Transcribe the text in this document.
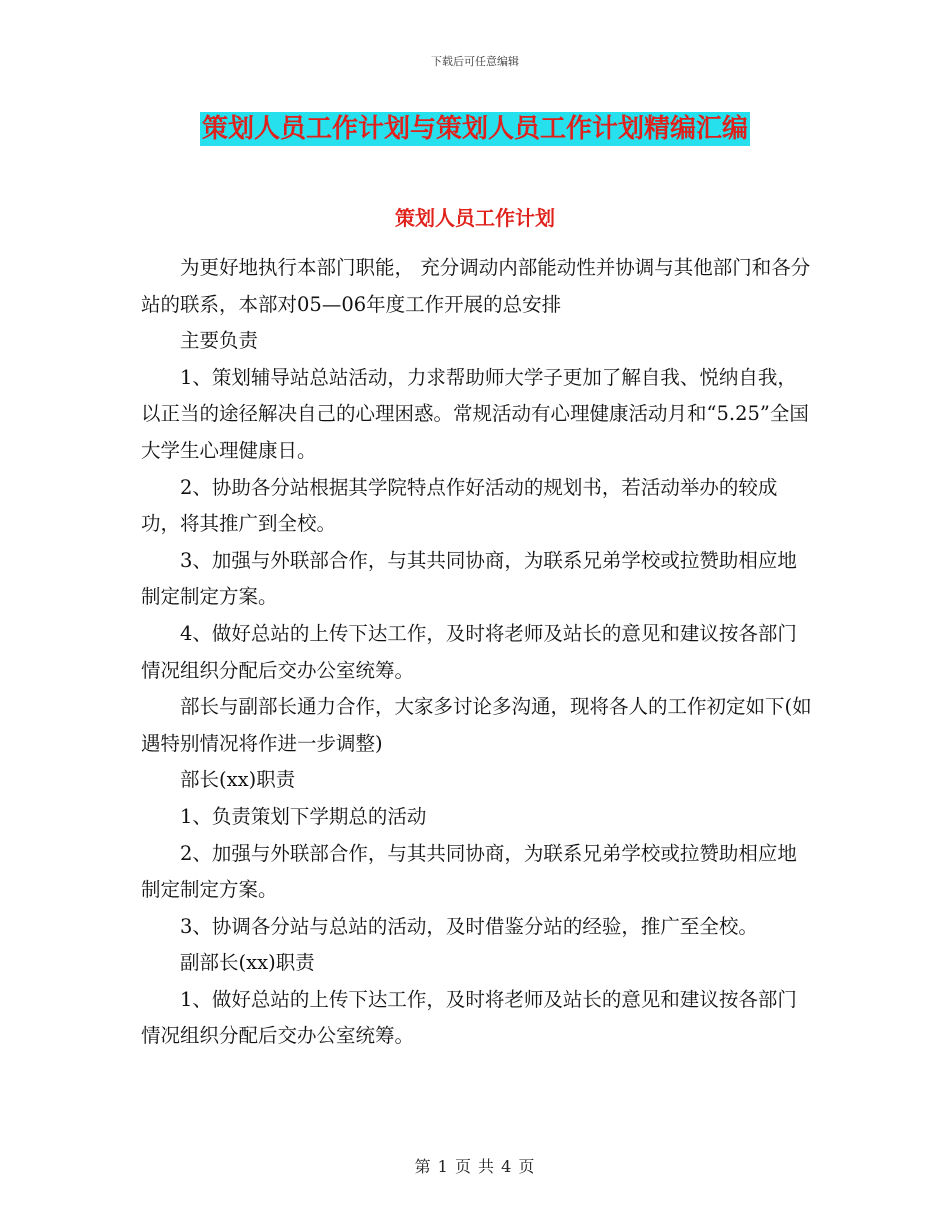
下载后可任意编辑
策划人员工作计划与策划人员工作计划精编汇编
策划人员工作计划

为更好地执行本部门职能， 充分调动内部能动性并协调与其他部门和各分站的联系，本部对05—06年度工作开展的总安排

主要负责

1、策划辅导站总站活动，力求帮助师大学子更加了解自我、悦纳自我，以正当的途径解决自己的心理困惑。常规活动有心理健康活动月和“5.25”全国大学生心理健康日。

2、协助各分站根据其学院特点作好活动的规划书，若活动举办的较成功，将其推广到全校。

3、加强与外联部合作，与其共同协商，为联系兄弟学校或拉赞助相应地制定制定方案。

4、做好总站的上传下达工作，及时将老师及站长的意见和建议按各部门情况组织分配后交办公室统筹。

部长与副部长通力合作，大家多讨论多沟通，现将各人的工作初定如下(如遇特别情况将作进一步调整)

部长(xx)职责

1、负责策划下学期总的活动

2、加强与外联部合作，与其共同协商，为联系兄弟学校或拉赞助相应地制定制定方案。

3、协调各分站与总站的活动，及时借鉴分站的经验，推广至全校。

副部长(xx)职责

1、做好总站的上传下达工作，及时将老师及站长的意见和建议按各部门情况组织分配后交办公室统筹。

第 1 页 共 4 页
